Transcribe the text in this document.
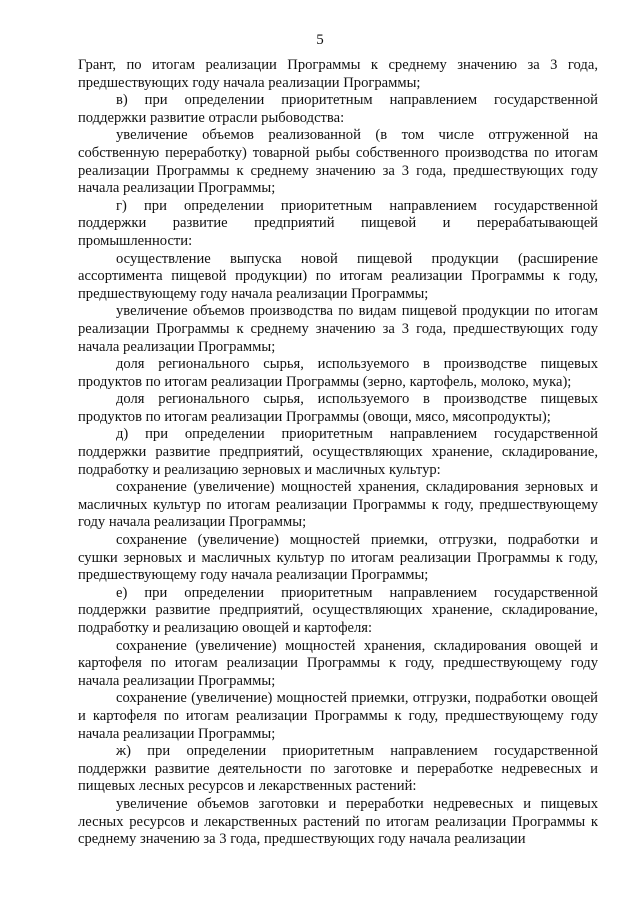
5

Грант, по итогам реализации Программы к среднему значению за 3 года, предшествующих году начала реализации Программы;

в) при определении приоритетным направлением государственной поддержки развитие отрасли рыбоводства:

увеличение объемов реализованной (в том числе отгруженной на собственную переработку) товарной рыбы собственного производства по итогам реализации Программы к среднему значению за 3 года, предшествующих году начала реализации Программы;

г) при определении приоритетным направлением государственной поддержки развитие предприятий пищевой и перерабатывающей промышленности:

осуществление выпуска новой пищевой продукции (расширение ассортимента пищевой продукции) по итогам реализации Программы к году, предшествующему году начала реализации Программы;

увеличение объемов производства по видам пищевой продукции по итогам реализации Программы к среднему значению за 3 года, предшествующих году начала реализации Программы;

доля регионального сырья, используемого в производстве пищевых продуктов по итогам реализации Программы (зерно, картофель, молоко, мука);

доля регионального сырья, используемого в производстве пищевых продуктов по итогам реализации Программы (овощи, мясо, мясопродукты);

д) при определении приоритетным направлением государственной поддержки развитие предприятий, осуществляющих хранение, складирование, подработку и реализацию зерновых и масличных культур:

сохранение (увеличение) мощностей хранения, складирования зерновых и масличных культур по итогам реализации Программы к году, предшествующему году начала реализации Программы;

сохранение (увеличение) мощностей приемки, отгрузки, подработки и сушки зерновых и масличных культур по итогам реализации Программы к году, предшествующему году начала реализации Программы;

е) при определении приоритетным направлением государственной поддержки развитие предприятий, осуществляющих хранение, складирование, подработку и реализацию овощей и картофеля:

сохранение (увеличение) мощностей хранения, складирования овощей и картофеля по итогам реализации Программы к году, предшествующему году начала реализации Программы;

сохранение (увеличение) мощностей приемки, отгрузки, подработки овощей и картофеля по итогам реализации Программы к году, предшествующему году начала реализации Программы;

ж) при определении приоритетным направлением государственной поддержки развитие деятельности по заготовке и переработке недревесных и пищевых лесных ресурсов и лекарственных растений:

увеличение объемов заготовки и переработки недревесных и пищевых лесных ресурсов и лекарственных растений по итогам реализации Программы к среднему значению за 3 года, предшествующих году начала реализации
